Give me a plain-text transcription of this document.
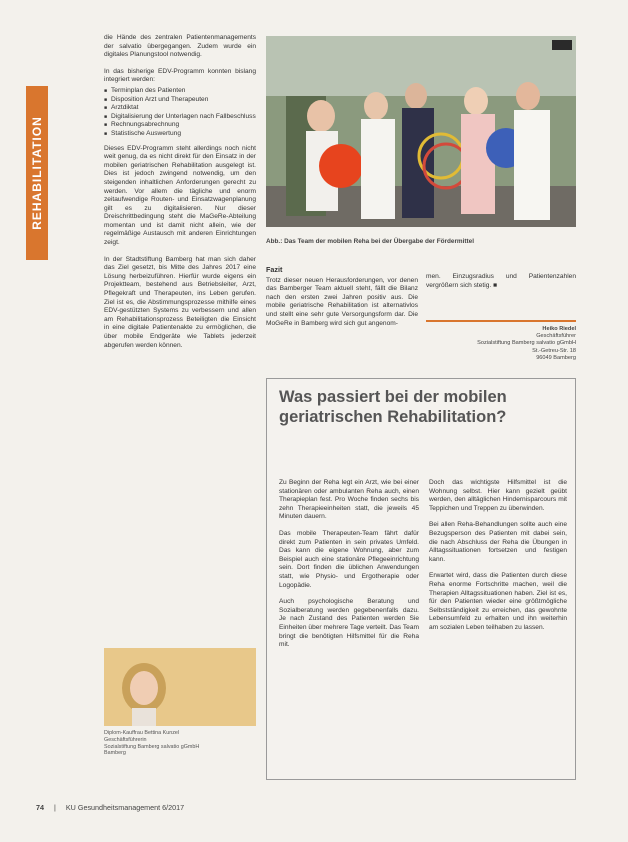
REHABILITATION

die Hände des zentralen Patientenmanagements der salvatio übergegangen. Zudem wurde ein digitales Planungstool notwendig.

In das bisherige EDV-Programm konnten bislang integriert werden:

■ Terminplan des Patienten
■ Disposition Arzt und Therapeuten
■ Arztdiktat
■ Digitalisierung der Unterlagen nach Fallbeschluss
■ Rechnungsabrechnung
■ Statistische Auswertung

Dieses EDV-Programm steht allerdings noch nicht weit genug, da es nicht direkt für den Einsatz in der mobilen geriatrischen Rehabilitation ausgelegt ist. Dies ist jedoch zwingend notwendig, um den steigenden inhaltlichen Anforderungen gerecht zu werden. Vor allem die tägliche und enorm zeitaufwendige Routen- und Einsatzwagenplanung gilt es zu digitalisieren. Nur dieser Dreischrittbedingung steht die MaGeRe-Abteilung momentan und ist damit nicht allein, wie der regelmäßige Austausch mit anderen Einrichtungen zeigt.

In der Stadtstiftung Bamberg hat man sich daher das Ziel gesetzt, bis Mitte des Jahres 2017 eine Lösung herbeizuführen. Hierfür wurde eigens ein Projektteam, bestehend aus Betriebsleiter, Arzt, Pflegekraft und Therapeuten, ins Leben gerufen. Ziel ist es, die Abstimmungsprozesse mithilfe eines EDV-gestützten Systems zu verbessern und allen am Rehabilitationsprozess Beteiligten die Einsicht in eine digitale Patientenakte zu ermöglichen, die über mobile Endgeräte wie Tablets jederzeit abgerufen werden können.

Diplom-Kauffrau Bettina Kunzel
Geschäftsführerin
Sozialstiftung Bamberg salvatio gGmbH
Bamberg
Abb.: Das Team der mobilen Reha bei der Übergabe der Fördermittel
Fazit
Trotz dieser neuen Herausforderungen, vor denen das Bamberger Team aktuell steht, fällt die Bilanz nach den ersten zwei Jahren positiv aus. Die mobile geriatrische Rehabilitation ist alternativlos und stellt eine sehr gute Versorgungsform dar. Die MoGeRe in Bamberg wird sich gut angenom-
men. Einzugsradius und Patientenzahlen vergrößern sich stetig. ■
Heiko Riedel
Geschäftsführer
Sozialstiftung Bamberg salvatio gGmbH
St.-Getreu-Str. 18
96049 Bamberg
Was passiert bei der mobilen
geriatrischen Rehabilitation?

Zu Beginn der Reha legt ein Arzt, wie bei einer stationären oder ambulanten Reha auch, einen Therapieplan fest. Pro Woche finden sechs bis zehn Therapieeinheiten statt, die jeweils 45 Minuten dauern.

Das mobile Therapeuten-Team fährt dafür direkt zum Patienten in sein privates Umfeld. Das kann die eigene Wohnung, aber zum Beispiel auch eine stationäre Pflegeeinrichtung sein. Dort finden die üblichen Anwendungen statt, wie Physio- und Ergotherapie oder Logopädie.

Auch psychologische Beratung und Sozialberatung werden gegebenenfalls dazu. Je nach Zustand des Patienten werden Sie Einheiten über mehrere Tage verteilt. Das Team bringt die benötigten Hilfsmittel für die Reha mit.

Doch das wichtigste Hilfsmittel ist die Wohnung selbst. Hier kann gezielt geübt werden, den alltäglichen Hindernisparcours mit Teppichen und Treppen zu überwinden.

Bei allen Reha-Behandlungen sollte auch eine Bezugsperson des Patienten mit dabei sein, die nach Abschluss der Reha die Übungen in Alltagssituationen fortsetzen und festigen kann.

Erwartet wird, dass die Patienten durch diese Reha enorme Fortschritte machen, weil die Therapien Alltagssituationen haben. Ziel ist es, für den Patienten wieder eine größtmögliche Selbstständigkeit zu erreichen, das gewohnte Lebensumfeld zu erhalten und ihn weiterhin am sozialen Leben teilhaben zu lassen.

74 | KU Gesundheitsmanagement 6/2017
